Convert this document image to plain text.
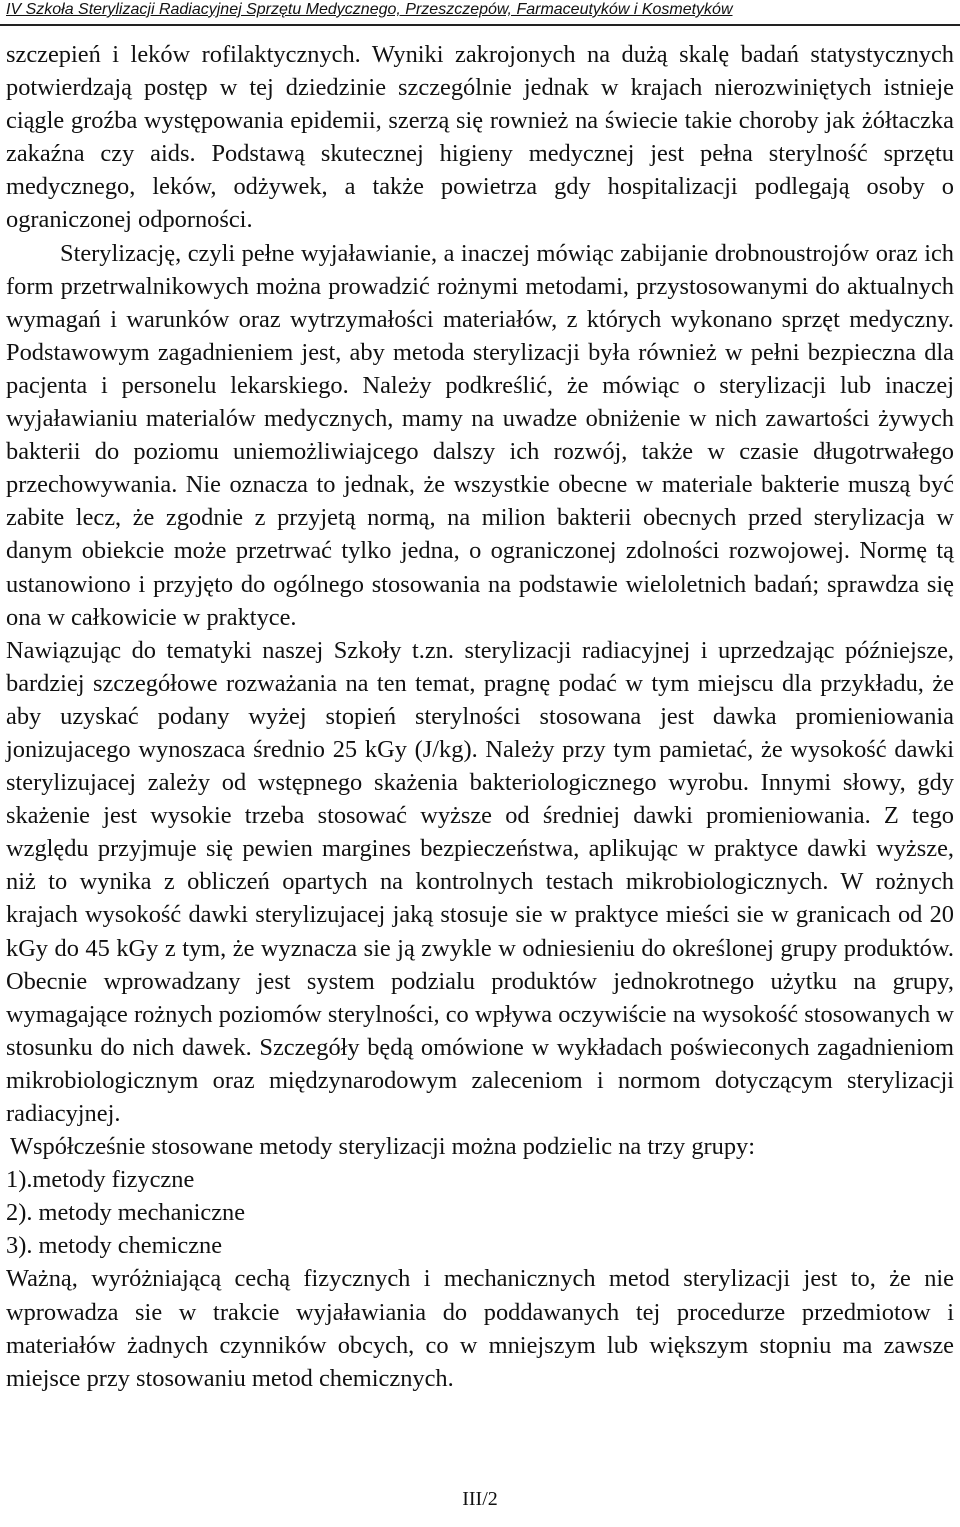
IV Szkoła Sterylizacji Radiacyjnej Sprzętu Medycznego, Przeszczepów, Farmaceutyków i Kosmetyków

szczepień i leków rofilaktycznych. Wyniki zakrojonych na dużą skalę badań statystycznych potwierdzają postęp w tej dziedzinie szczególnie jednak w krajach nierozwiniętych istnieje ciągle groźba występowania epidemii, szerzą się rownież na świecie takie choroby jak żółtaczka zakaźna czy aids. Podstawą skutecznej higieny medycznej jest pełna sterylność sprzętu medycznego, leków, odżywek, a także powietrza gdy hospitalizacji podlegają osoby o ograniczonej odporności.

Sterylizację, czyli pełne wyjaławianie, a inaczej mówiąc zabijanie drobnoustrojów oraz ich form przetrwalnikowych można prowadzić rożnymi metodami, przystosowanymi do aktualnych wymagań i warunków oraz wytrzymałości materiałów, z których wykonano sprzęt medyczny. Podstawowym zagadnieniem jest, aby metoda sterylizacji była również w pełni bezpieczna dla pacjenta i personelu lekarskiego. Należy podkreślić, że mówiąc o sterylizacji lub inaczej wyjaławianiu materialów medycznych, mamy na uwadze obniżenie w nich zawartości żywych bakterii do poziomu uniemożliwiajcego dalszy ich rozwój, także w czasie długotrwałego przechowywania. Nie oznacza to jednak, że wszystkie obecne w materiale bakterie muszą być zabite lecz, że zgodnie z przyjetą normą, na milion bakterii obecnych przed sterylizacja w danym obiekcie może przetrwać tylko jedna, o ograniczonej zdolności rozwojowej. Normę tą ustanowiono i przyjęto do ogólnego stosowania na podstawie wieloletnich badań; sprawdza się ona w całkowicie w praktyce.

Nawiązując do tematyki naszej Szkoły t.zn. sterylizacji radiacyjnej i uprzedzając późniejsze, bardziej szczegółowe rozważania na ten temat, pragnę podać w tym miejscu dla przykładu, że aby uzyskać podany wyżej stopień sterylności stosowana jest dawka promieniowania jonizujacego wynoszaca średnio 25 kGy (J/kg). Należy przy tym pamietać, że wysokość dawki sterylizujacej zależy od wstępnego skażenia bakteriologicznego wyrobu. Innymi słowy, gdy skażenie jest wysokie trzeba stosować wyższe od średniej dawki promieniowania. Z tego względu przyjmuje się pewien margines bezpieczeństwa, aplikując w praktyce dawki wyższe, niż to wynika z obliczeń opartych na kontrolnych testach mikrobiologicznych. W rożnych krajach wysokość dawki sterylizujacej jaką stosuje sie w praktyce mieści sie w granicach od 20 kGy do 45 kGy z tym, że wyznacza sie ją zwykle w odniesieniu do określonej grupy produktów. Obecnie wprowadzany jest system podzialu produktów jednokrotnego użytku na grupy, wymagające rożnych poziomów sterylności, co wpływa oczywiście na wysokość stosowanych w stosunku do nich dawek. Szczegóły będą omówione w wykładach poświeconych zagadnieniom mikrobiologicznym oraz międzynarodowym zaleceniom i normom dotyczącym sterylizacji radiacyjnej.

Współcześnie stosowane metody sterylizacji można podzielic na trzy grupy:

1).metody fizyczne

2). metody mechaniczne

3). metody chemiczne

Ważną, wyróżniającą cechą fizycznych i mechanicznych metod sterylizacji jest to, że nie wprowadza sie w trakcie wyjaławiania do poddawanych tej procedurze przedmiotow i materiałów żadnych czynników obcych, co w mniejszym lub większym stopniu ma zawsze miejsce przy stosowaniu metod chemicznych.

III/2
